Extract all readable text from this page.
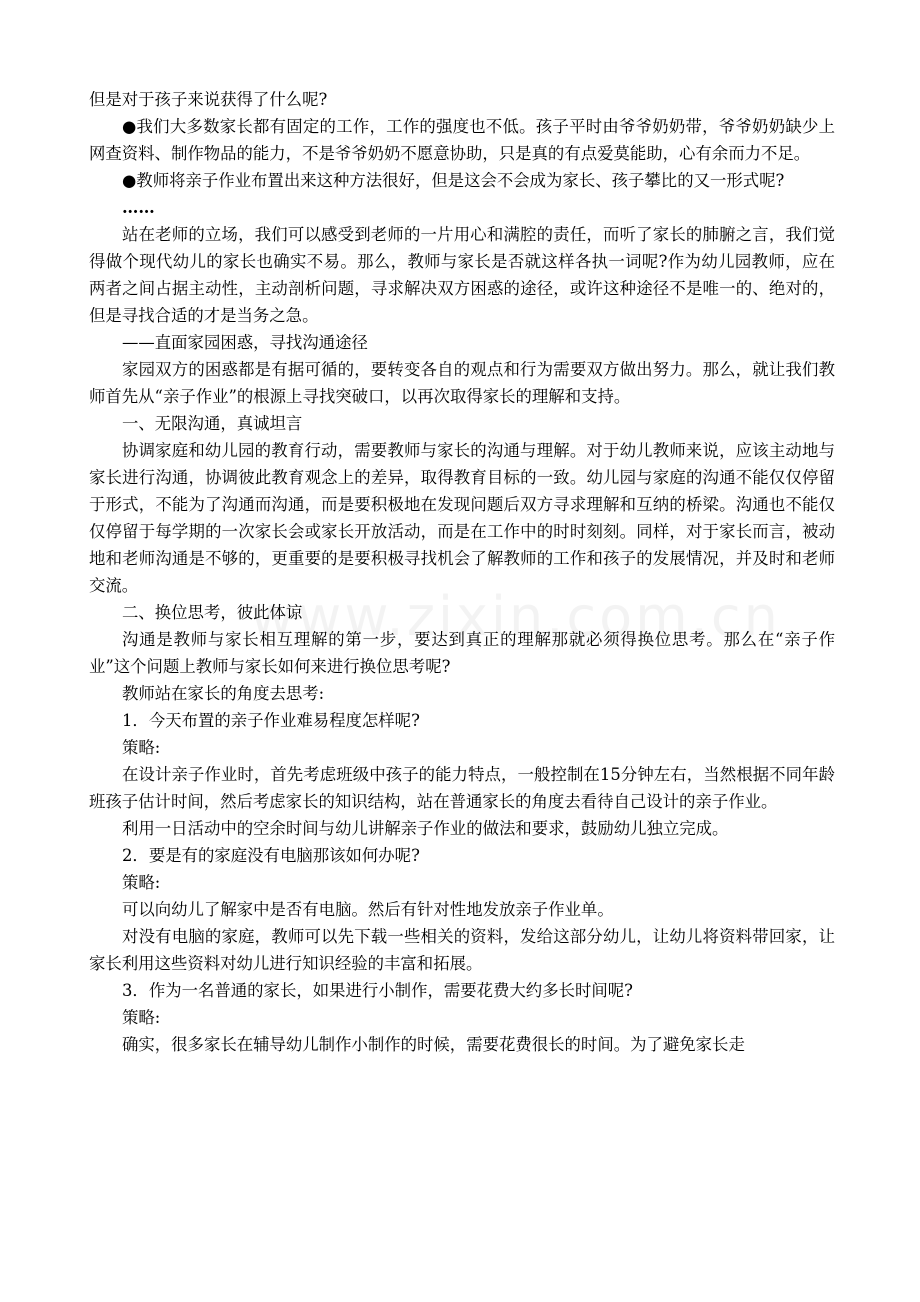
但是对于孩子来说获得了什么呢?

●我们大多数家长都有固定的工作，工作的强度也不低。孩子平时由爷爷奶奶带，爷爷奶奶缺少上网查资料、制作物品的能力，不是爷爷奶奶不愿意协助，只是真的有点爱莫能助，心有余而力不足。

●教师将亲子作业布置出来这种方法很好，但是这会不会成为家长、孩子攀比的又一形式呢?

……

站在老师的立场，我们可以感受到老师的一片用心和满腔的责任，而听了家长的肺腑之言，我们觉得做个现代幼儿的家长也确实不易。那么，教师与家长是否就这样各执一词呢?作为幼儿园教师，应在两者之间占据主动性，主动剖析问题，寻求解决双方困惑的途径，或许这种途径不是唯一的、绝对的，但是寻找合适的才是当务之急。

——直面家园困惑，寻找沟通途径

家园双方的困惑都是有据可循的，要转变各自的观点和行为需要双方做出努力。那么，就让我们教师首先从“亲子作业”的根源上寻找突破口，以再次取得家长的理解和支持。

一、无限沟通，真诚坦言

协调家庭和幼儿园的教育行动，需要教师与家长的沟通与理解。对于幼儿教师来说，应该主动地与家长进行沟通，协调彼此教育观念上的差异，取得教育目标的一致。幼儿园与家庭的沟通不能仅仅停留于形式，不能为了沟通而沟通，而是要积极地在发现问题后双方寻求理解和互纳的桥梁。沟通也不能仅仅停留于每学期的一次家长会或家长开放活动，而是在工作中的时时刻刻。同样，对于家长而言，被动地和老师沟通是不够的，更重要的是要积极寻找机会了解教师的工作和孩子的发展情况，并及时和老师交流。

二、换位思考，彼此体谅

沟通是教师与家长相互理解的第一步，要达到真正的理解那就必须得换位思考。那么在“亲子作业”这个问题上教师与家长如何来进行换位思考呢?

教师站在家长的角度去思考:

1．今天布置的亲子作业难易程度怎样呢?

策略:

在设计亲子作业时，首先考虑班级中孩子的能力特点，一般控制在15分钟左右，当然根据不同年龄班孩子估计时间，然后考虑家长的知识结构，站在普通家长的角度去看待自己设计的亲子作业。

利用一日活动中的空余时间与幼儿讲解亲子作业的做法和要求，鼓励幼儿独立完成。

2．要是有的家庭没有电脑那该如何办呢?

策略:

可以向幼儿了解家中是否有电脑。然后有针对性地发放亲子作业单。

对没有电脑的家庭，教师可以先下载一些相关的资料，发给这部分幼儿，让幼儿将资料带回家，让家长利用这些资料对幼儿进行知识经验的丰富和拓展。

3．作为一名普通的家长，如果进行小制作，需要花费大约多长时间呢?

策略:

确实，很多家长在辅导幼儿制作小制作的时候，需要花费很长的时间。为了避免家长走
